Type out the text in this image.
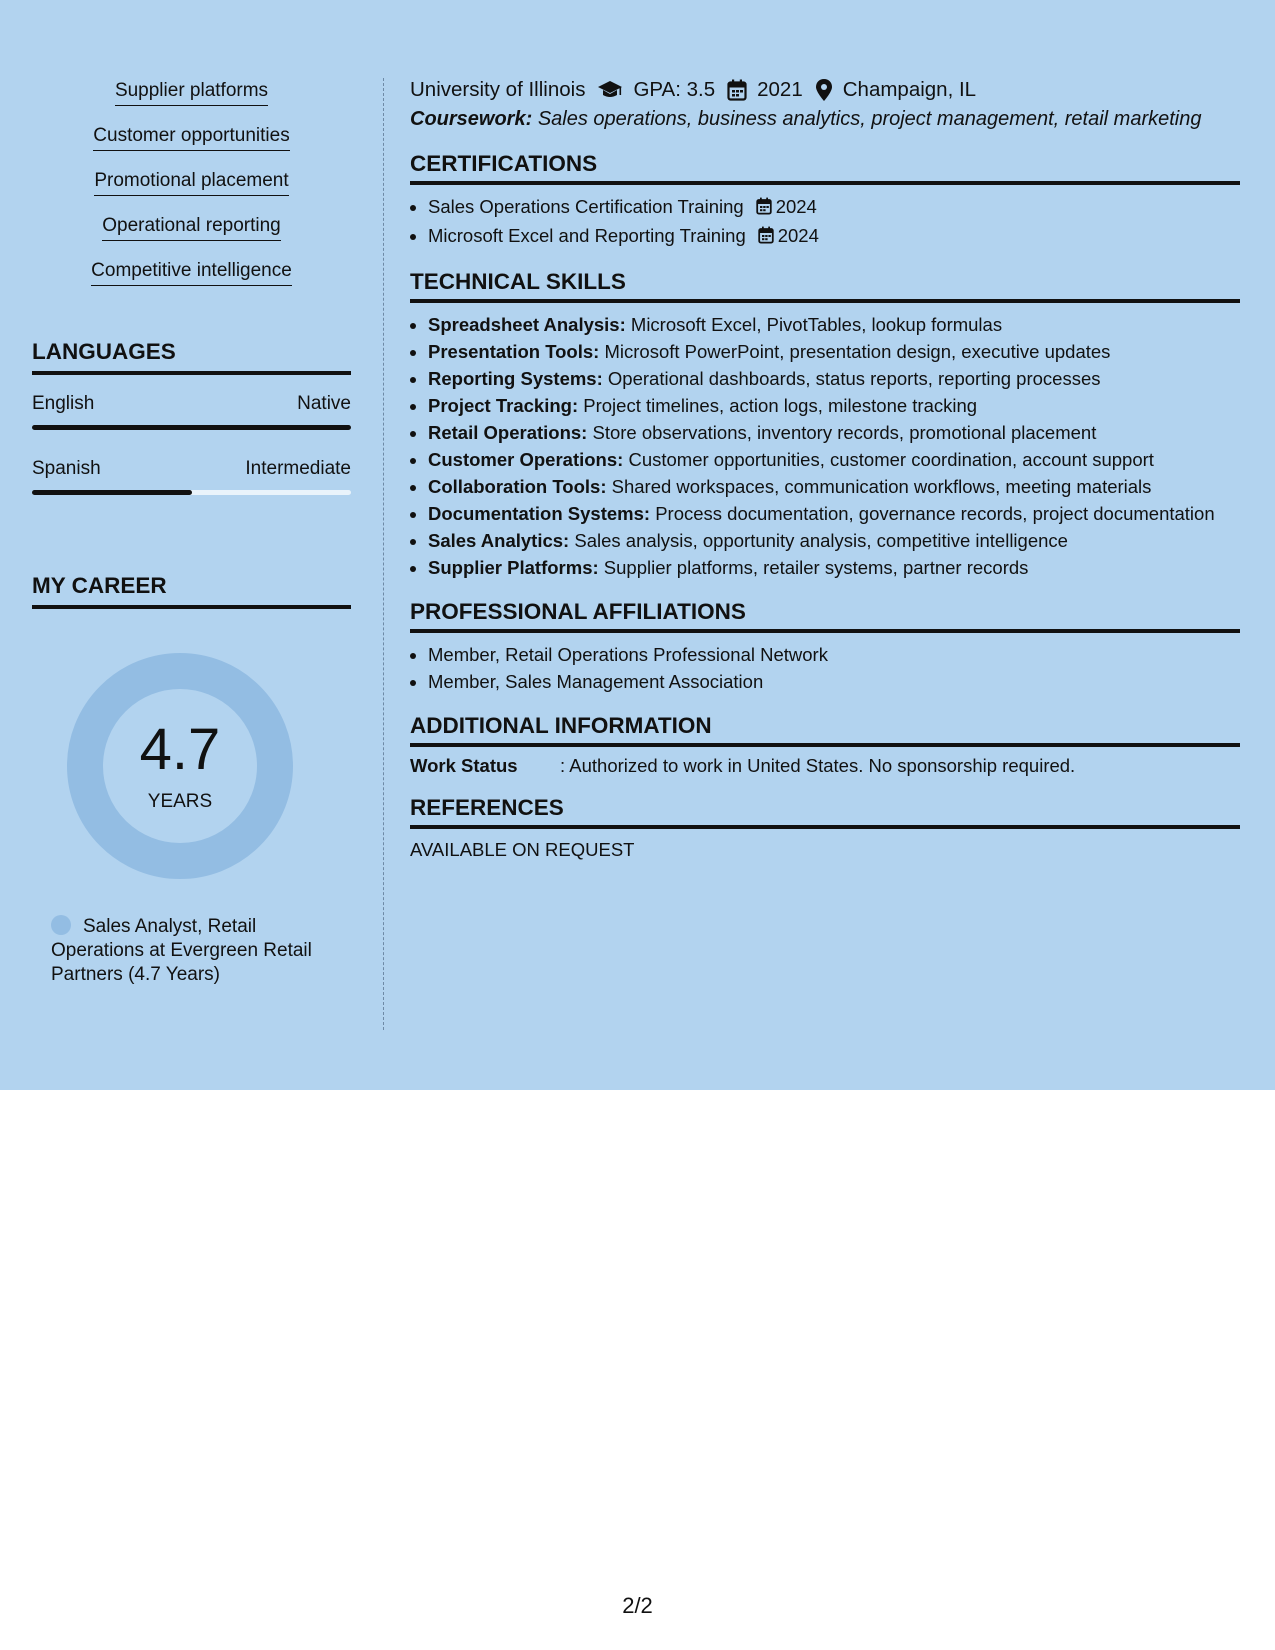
Supplier platforms
Customer opportunities
Promotional placement
Operational reporting
Competitive intelligence
LANGUAGES
English	Native
Spanish	Intermediate
MY CAREER
4.7
YEARS
Sales Analyst, Retail Operations at Evergreen Retail Partners (4.7 Years)
University of Illinois GPA: 3.5 2021 Champaign, IL
Coursework: Sales operations, business analytics, project management, retail marketing
CERTIFICATIONS
• Sales Operations Certification Training 2024
• Microsoft Excel and Reporting Training 2024
TECHNICAL SKILLS
• Spreadsheet Analysis: Microsoft Excel, PivotTables, lookup formulas
• Presentation Tools: Microsoft PowerPoint, presentation design, executive updates
• Reporting Systems: Operational dashboards, status reports, reporting processes
• Project Tracking: Project timelines, action logs, milestone tracking
• Retail Operations: Store observations, inventory records, promotional placement
• Customer Operations: Customer opportunities, customer coordination, account support
• Collaboration Tools: Shared workspaces, communication workflows, meeting materials
• Documentation Systems: Process documentation, governance records, project documentation
• Sales Analytics: Sales analysis, opportunity analysis, competitive intelligence
• Supplier Platforms: Supplier platforms, retailer systems, partner records
PROFESSIONAL AFFILIATIONS
• Member, Retail Operations Professional Network
• Member, Sales Management Association
ADDITIONAL INFORMATION
Work Status : Authorized to work in United States. No sponsorship required.
REFERENCES
AVAILABLE ON REQUEST
2/2
